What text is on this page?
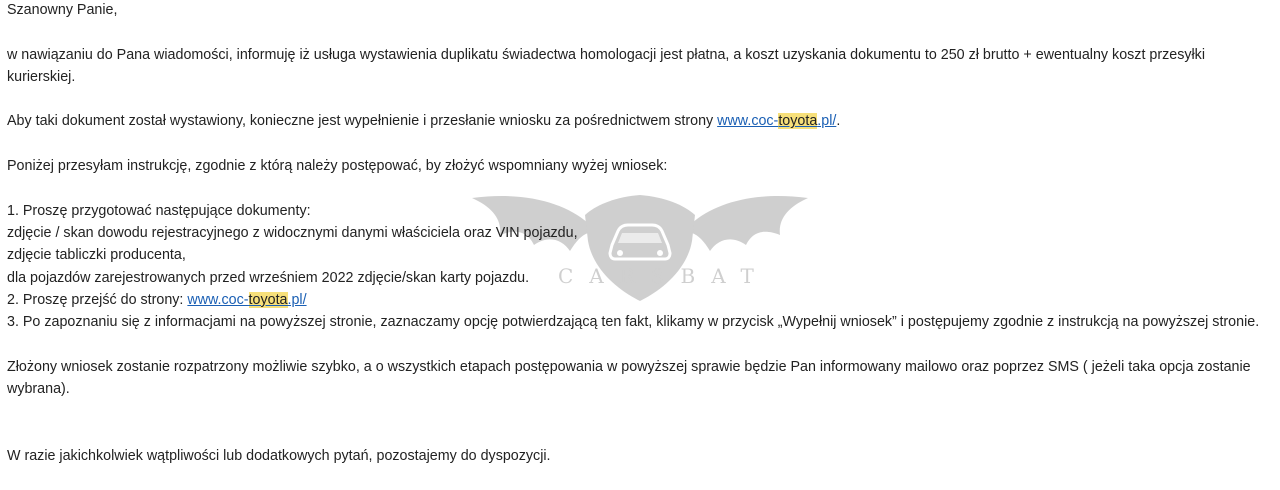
CARSBAT
Szanowny Panie,
w nawiązaniu do Pana wiadomości, informuję iż usługa wystawienia duplikatu świadectwa homologacji jest płatna, a koszt uzyskania dokumentu to 250 zł brutto + ewentualny koszt przesyłki kurierskiej.
Aby taki dokument został wystawiony, konieczne jest wypełnienie i przesłanie wniosku za pośrednictwem strony www.coc-toyota.pl/.
Poniżej przesyłam instrukcję, zgodnie z którą należy postępować, by złożyć wspomniany wyżej wniosek:
1. Proszę przygotować następujące dokumenty:
zdjęcie / skan dowodu rejestracyjnego z widocznymi danymi właściciela oraz VIN pojazdu,
zdjęcie tabliczki producenta,
dla pojazdów zarejestrowanych przed wrześniem 2022 zdjęcie/skan karty pojazdu.
2. Proszę przejść do strony: www.coc-toyota.pl/
3. Po zapoznaniu się z informacjami na powyższej stronie, zaznaczamy opcję potwierdzającą ten fakt, klikamy w przycisk „Wypełnij wniosek” i postępujemy zgodnie z instrukcją na powyższej stronie.
Złożony wniosek zostanie rozpatrzony możliwie szybko, a o wszystkich etapach postępowania w powyższej sprawie będzie Pan informowany mailowo oraz poprzez SMS ( jeżeli taka opcja zostanie wybrana).
W razie jakichkolwiek wątpliwości lub dodatkowych pytań, pozostajemy do dyspozycji.
